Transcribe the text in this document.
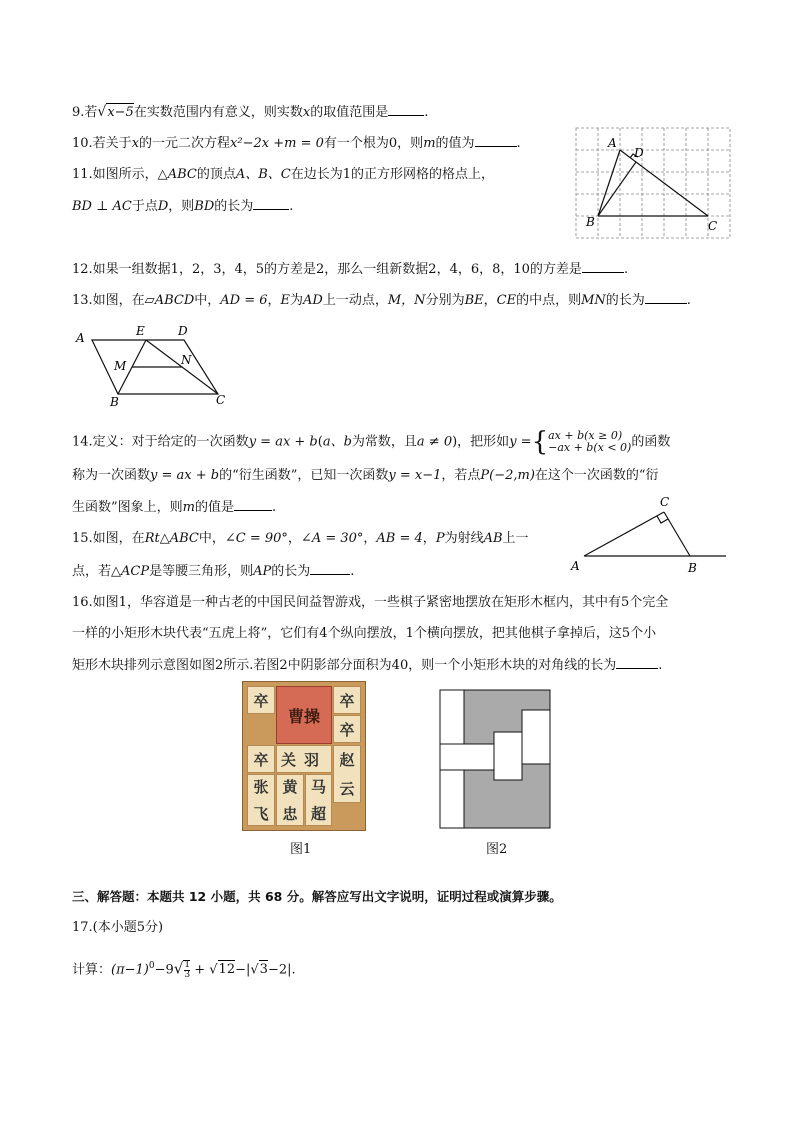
9.若√x−5在实数范围内有意义，则实数x的取值范围是	.
10.若关于x的一元二次方程x²−2x +m = 0有一个根为0，则m的值为	.
11.如图所示，△ABC的顶点A、B、C在边长为1的正方形网格的格点上，
BD ⊥ AC于点D，则BD的长为	.
A
D
B	C
12.如果一组数据1，2，3，4，5的方差是2，那么一组新数据2，4，6，8，10的方差是	.
13.如图，在▱ABCD中，AD = 6，E为AD上一动点，M，N分别为BE，CE的中点，则MN的长为	.
A	E	D
M	N
B	C
14.定义：对于给定的一次函数y = ax + b(a、b为常数，且a ≠ 0)，把形如y ={ ax + b(x ≥ 0)
−ax + b(x < 0) 的函数
称为一次函数y = ax + b的“衍生函数”，已知一次函数y = x−1，若点P(−2,m)在这个一次函数的“衍
生函数”图象上，则m的值是	.
15.如图，在Rt△ABC中，∠C = 90°，∠A = 30°，AB = 4，P为射线AB上一
点，若△ACP是等腰三角形，则AP的长为	.	A	B
C
16.如图1，华容道是一种古老的中国民间益智游戏，一些棋子紧密地摆放在矩形木框内，其中有5个完全
一样的小矩形木块代表“五虎上将”，它们有4个纵向摆放，1个横向摆放，把其他棋子拿掉后，这5个小
矩形木块排列示意图如图2所示.若图2中阴影部分面积为40，则一个小矩形木块的对角线的长为	.
卒
曹操
卒
卒
卒 关羽 赵
云
张
飞
黄
忠
马
超
图1	图2
三、解答题：本题共 12 小题，共 68 分。解答应写出文字说明，证明过程或演算步骤。
17.(本小题5分)
计算：$(\pi-1)^0-9√ \frac{1}{3} + √12-|√3-2|$.
